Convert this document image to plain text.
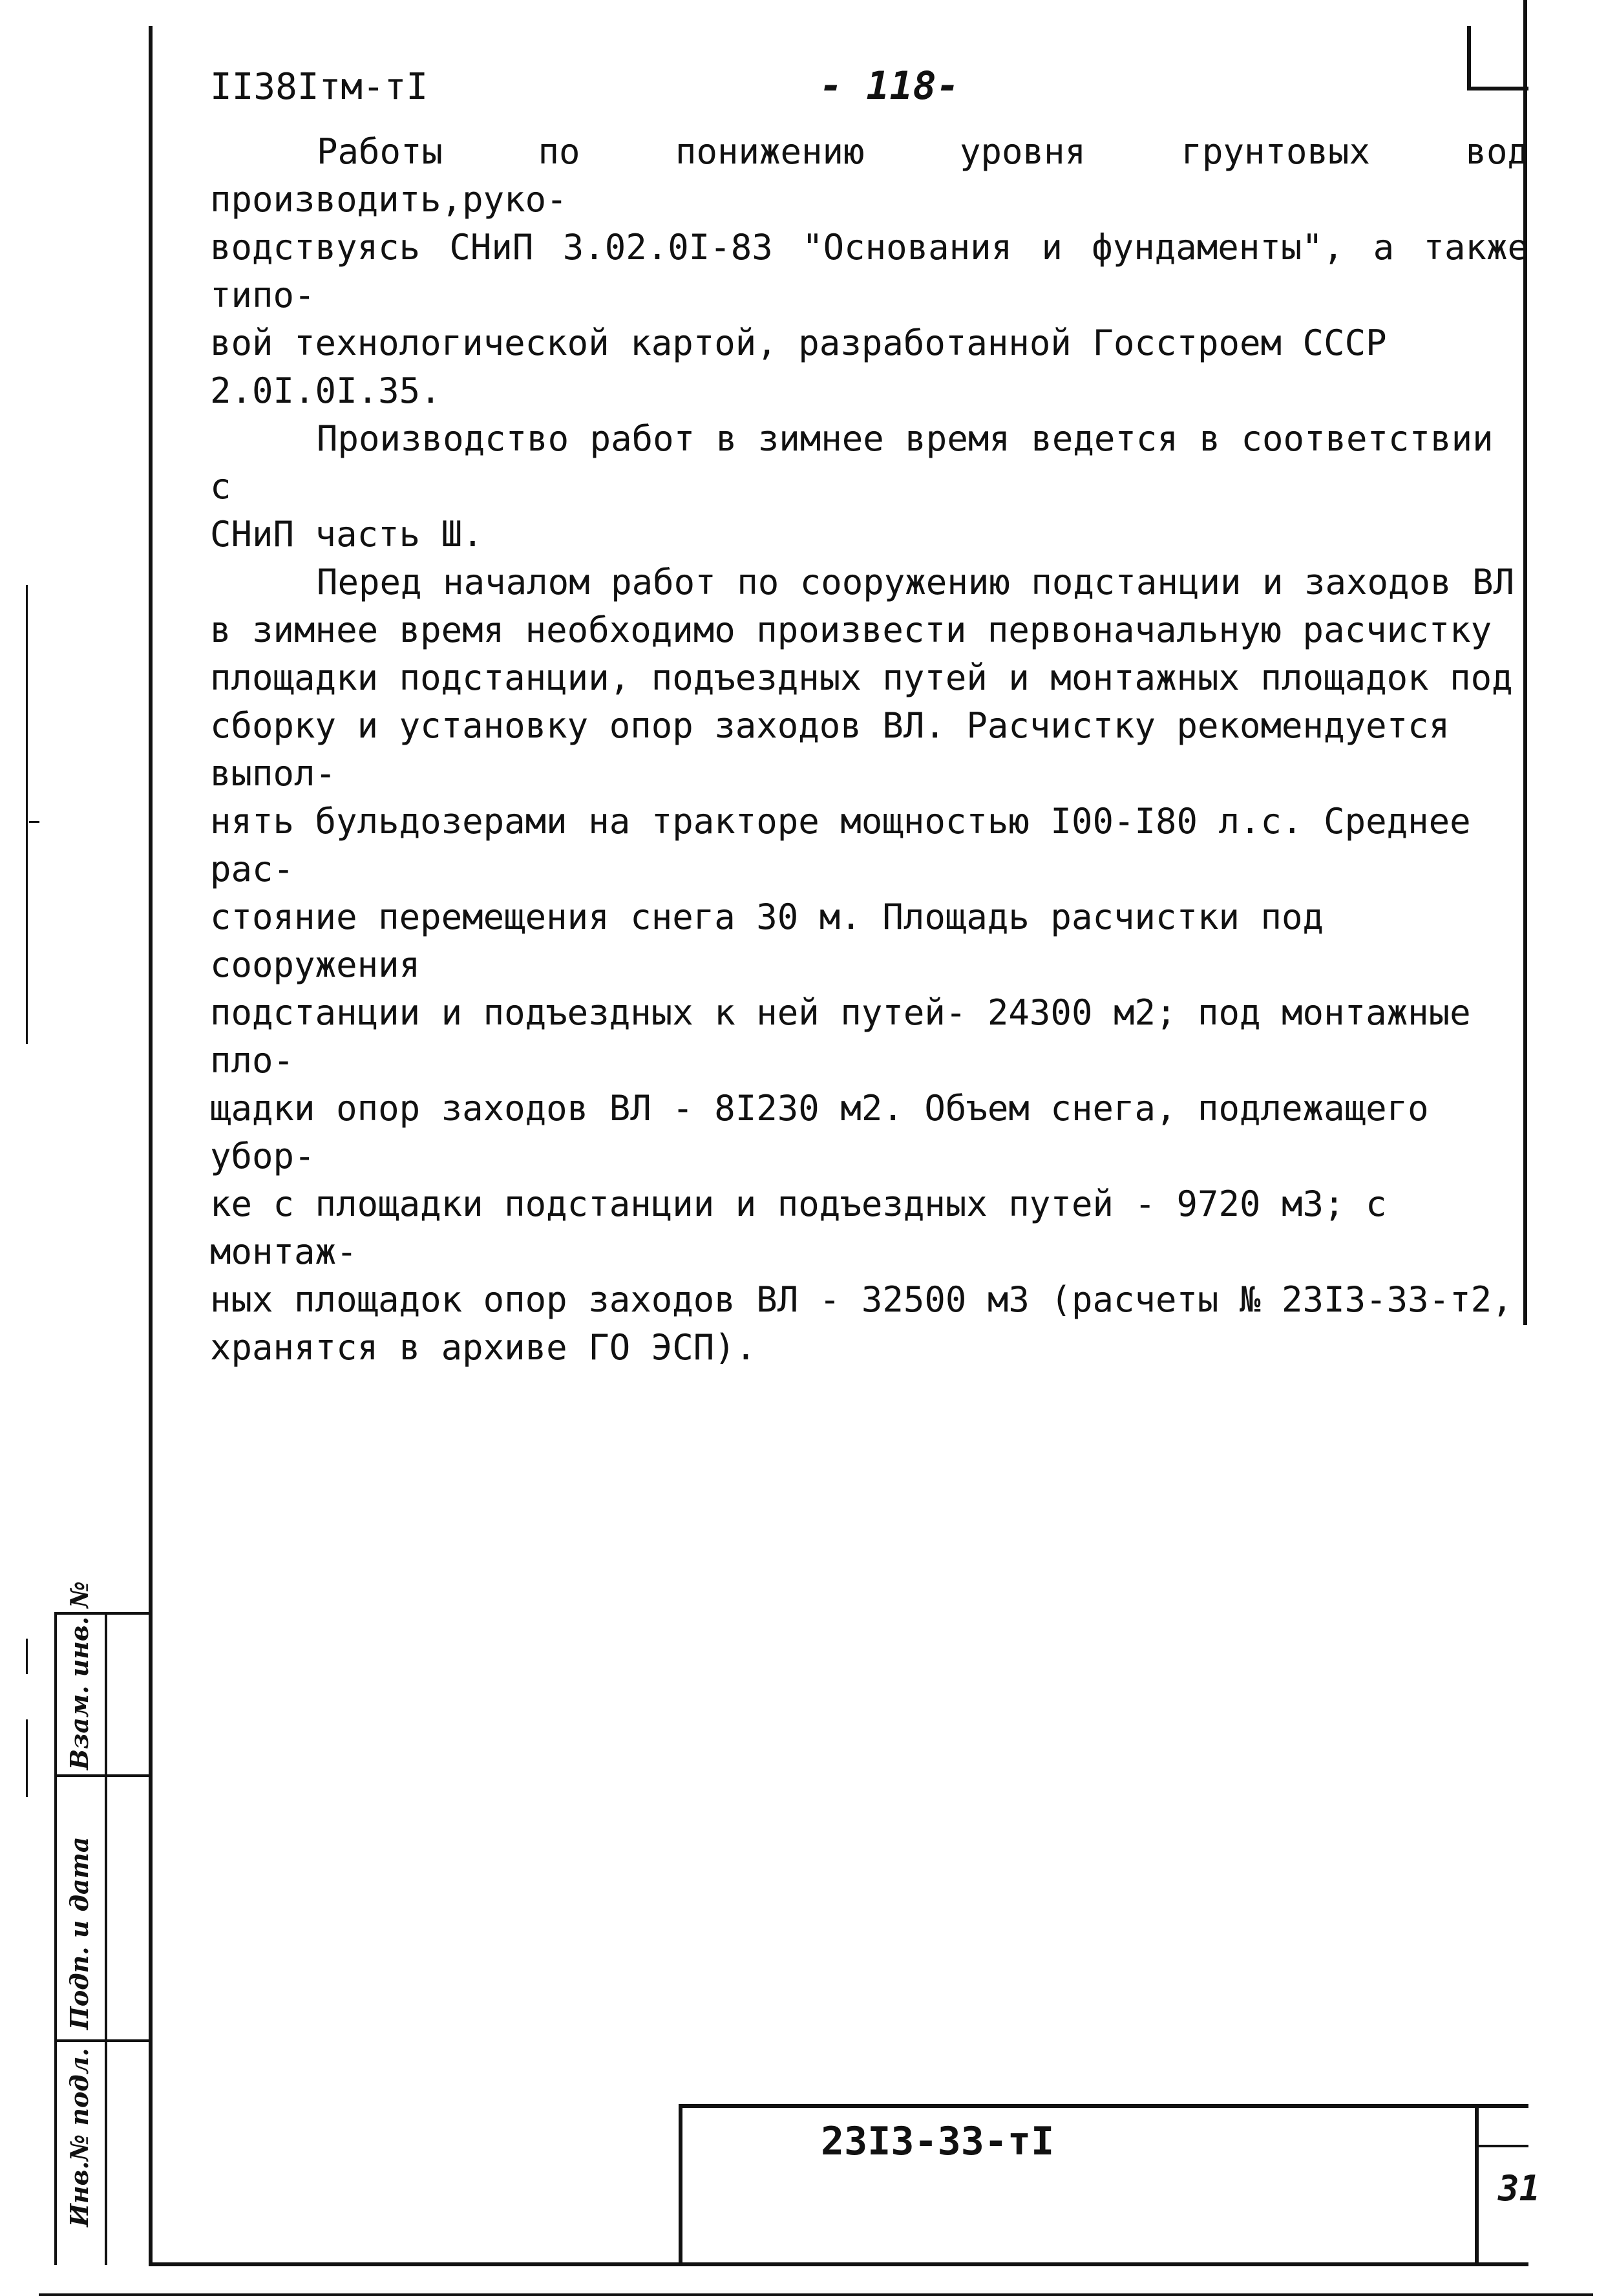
Взам. инв. №
Подп. и дата
Инв.№ подл.
II38Iтм-тI	- 118-

Работы по понижению уровня грунтовых вод производить,руко-
водствуясь СНиП 3.02.0I-83 "Основания и фундаменты", а также типо-
вой технологической картой, разработанной Госстроем СССР
2.0I.0I.35.

Производство работ в зимнее время ведется в соответствии с
СНиП часть Ш.

Перед началом работ по сооружению подстанции и заходов ВЛ
в зимнее время необходимо произвести первоначальную расчистку
площадки подстанции, подъездных путей и монтажных площадок под
сборку и установку опор заходов ВЛ. Расчистку рекомендуется выпол-
нять бульдозерами на тракторе мощностью I00-I80 л.с. Среднее рас-
стояние перемещения снега 30 м. Площадь расчистки под сооружения
подстанции и подъездных к ней путей- 24300 м2; под монтажные пло-
щадки опор заходов ВЛ - 8I230 м2. Объем снега, подлежащего убор-
ке с площадки подстанции и подъездных путей - 9720 м3; с монтаж-
ных площадок опор заходов ВЛ - 32500 м3 (расчеты № 23I3-33-т2,
хранятся в архиве ГО ЭСП).

23I3-33-тI
31
